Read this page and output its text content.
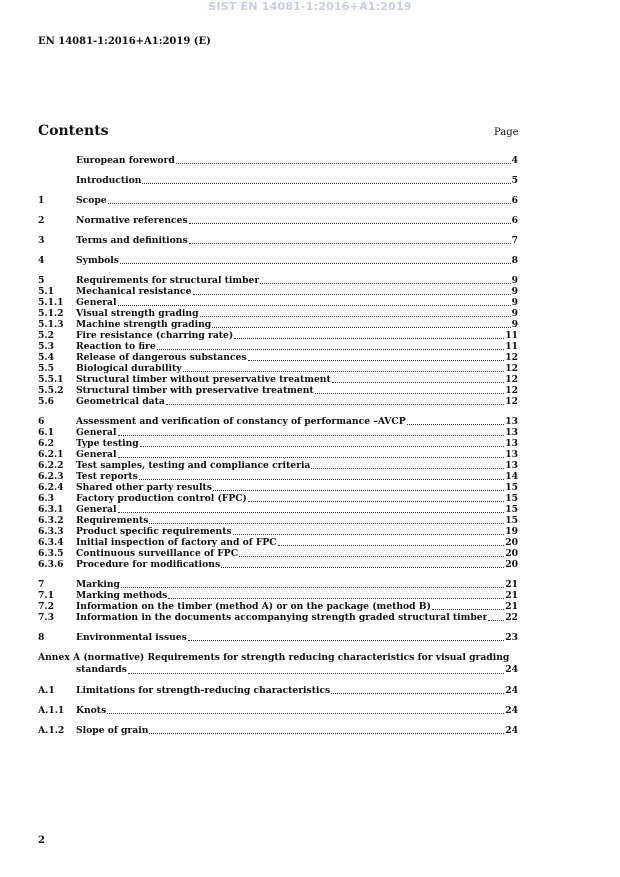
SIST EN 14081-1:2016+A1:2019
EN 14081-1:2016+A1:2019 (E)
Contents	Page
European foreword	4
Introduction	5
1	Scope	6
2	Normative references	6
3	Terms and definitions	7
4	Symbols	8
5	Requirements for structural timber	9
5.1	Mechanical resistance	9
5.1.1	General	9
5.1.2	Visual strength grading	9
5.1.3	Machine strength grading	9
5.2	Fire resistance (charring rate)	11
5.3	Reaction to fire	11
5.4	Release of dangerous substances	12
5.5	Biological durability	12
5.5.1	Structural timber without preservative treatment	12
5.5.2	Structural timber with preservative treatment	12
5.6	Geometrical data	12
6	Assessment and verification of constancy of performance –AVCP	13
6.1	General	13
6.2	Type testing	13
6.2.1	General	13
6.2.2	Test samples, testing and compliance criteria	13
6.2.3	Test reports	14
6.2.4	Shared other party results	15
6.3	Factory production control (FPC)	15
6.3.1	General	15
6.3.2	Requirements	15
6.3.3	Product specific requirements	19
6.3.4	Initial inspection of factory and of FPC	20
6.3.5	Continuous surveillance of FPC	20
6.3.6	Procedure for modifications	20
7	Marking	21
7.1	Marking methods	21
7.2	Information on the timber (method A) or on the package (method B)	21
7.3	Information in the documents accompanying strength graded structural timber 22
8	Environmental issues	23
Annex A (normative) Requirements for strength reducing characteristics for visual grading
standards	24
A.1	Limitations for strength-reducing characteristics	24
A.1.1	Knots	24
A.1.2	Slope of grain	24
2
